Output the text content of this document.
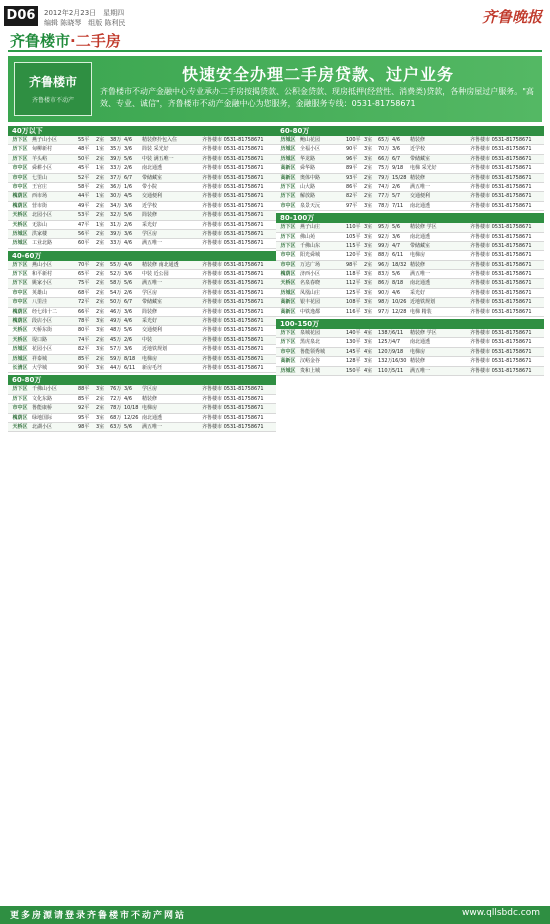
D06	2012年2月23日　星期四
编辑 陈晓琴　组版 陈利民	齐鲁晚报
齐鲁楼市·二手房
齐鲁楼市
齐鲁楼市不动产
快速安全办理二手房贷款、过户业务
齐鲁楼市不动产金融中心专业承办二手房按揭贷款、公积金贷款、现房抵押(经营性、消费类)贷款，各种房屋过户服务。"高效、专业、诚信"，齐鲁楼市不动产金融中心为您服务，金融服务专线：0531-81758671
40万以下
历下区 燕子山小区	55平	2室	38万 4/6	精装修拎包入住	齐鲁楼市 0531-81758671
历下区 甸柳新村	48平	1室	35万 3/6	简装 采光好	齐鲁楼市 0531-81758671
历下区 羊头峪	50平	2室	39万 5/6	中装 满五唯一	齐鲁楼市 0531-81758671
市中区 舜耕小区	45平	1室	33万 2/6	南北通透	齐鲁楼市 0531-81758671
市中区 七里山	52平	2室	37万 6/7	带储藏室	齐鲁楼市 0531-81758671
市中区 王官庄	58平	2室	36万 1/6	带小院	齐鲁楼市 0531-81758671
槐荫区 西市场	44平	1室	30万 4/5	交通便利	齐鲁楼市 0531-81758671
槐荫区 营市街	49平	2室	34万 3/6	近学校	齐鲁楼市 0531-81758671
天桥区 北园小区	53平	2室	32万 5/6	简装修	齐鲁楼市 0531-81758671
天桥区 无影山	47平	1室	31万 2/6	采光好	齐鲁楼市 0531-81758671
历城区 洪家楼	56平	2室	39万 3/6	学区房	齐鲁楼市 0531-81758671
历城区 工业北路	60平	2室	33万 4/6	满五唯一	齐鲁楼市 0531-81758671
40-60万
历下区 燕山小区	70平	2室	55万 4/6	精装修 南北通透	齐鲁楼市 0531-81758671
历下区 和平新村	65平	2室	52万 3/6	中装 近公园	齐鲁楼市 0531-81758671
历下区 姚家小区	75平	2室	58万 5/6	满五唯一	齐鲁楼市 0531-81758671
市中区 英雄山	68平	2室	54万 2/6	学区房	齐鲁楼市 0531-81758671
市中区 八里洼	72平	2室	50万 6/7	带储藏室	齐鲁楼市 0531-81758671
槐荫区 经七纬十二	66平	2室	46万 3/6	简装修	齐鲁楼市 0531-81758671
槐荫区 段店小区	78平	3室	49万 4/6	采光好	齐鲁楼市 0531-81758671
天桥区 天桥东街	80平	3室	48万 5/6	交通便利	齐鲁楼市 0531-81758671
天桥区 堤口路	74平	2室	45万 2/6	中装	齐鲁楼市 0531-81758671
历城区 花园小区	82平	3室	57万 3/6	近地铁规划	齐鲁楼市 0531-81758671
历城区 祥泰城	85平	2室	59万 8/18	电梯房	齐鲁楼市 0531-81758671
长清区 大学城	90平	3室	44万 6/11	新房毛坯	齐鲁楼市 0531-81758671
60-80万
历下区 千佛山小区	88平	3室	76万 3/6	学区房	齐鲁楼市 0531-81758671
历下区 文化东路	85平	2室	72万 4/6	精装修	齐鲁楼市 0531-81758671
市中区 鲁能康桥	92平	2室	78万 10/18 电梯房	齐鲁楼市 0531-81758671
槐荫区 绿地国际	95平	3室	68万 12/26 南北通透	齐鲁楼市 0531-81758671
天桥区 北湖小区	98平	3室	63万 5/6	满五唯一	齐鲁楼市 0531-81758671
60-80万
历城区 鲍山花园	100平 3室	65万 4/6	精装修	齐鲁楼市 0531-81758671
历城区 全福小区	90平	3室	70万 3/6	近学校	齐鲁楼市 0531-81758671
历城区 华龙路	96平	3室	66万 6/7	带储藏室	齐鲁楼市 0531-81758671
高新区 舜华路	89平	2室	75万 9/18	电梯 采光好	齐鲁楼市 0531-81758671
高新区 奥体中路	93平	2室	79万 15/28 精装修	齐鲁楼市 0531-81758671
历下区 山大路	86平	2室	74万 2/6	满五唯一	齐鲁楼市 0531-81758671
历下区 解放路	82平	2室	77万 5/7	交通便利	齐鲁楼市 0531-81758671
市中区 泉景天沅	97平	3室	78万 7/11	南北通透	齐鲁楼市 0531-81758671
80-100万
历下区 燕子山庄	110平 3室	95万 5/6	精装修 学区	齐鲁楼市 0531-81758671
历下区 佛山苑	105平 3室	92万 3/6	南北通透	齐鲁楼市 0531-81758671
历下区 千佛山东	115平 3室	99万 4/7	带储藏室	齐鲁楼市 0531-81758671
市中区 阳光舜城	120平 3室	88万 6/11	电梯房	齐鲁楼市 0531-81758671
市中区 万达广场	98平	2室	96万 18/32 精装修	齐鲁楼市 0531-81758671
槐荫区 济西小区	118平 3室	83万 5/6	满五唯一	齐鲁楼市 0531-81758671
天桥区 名泉春晓	112平 3室	86万 8/18	南北通透	齐鲁楼市 0531-81758671
历城区 凤凰山庄	125平 3室	90万 4/6	采光好	齐鲁楼市 0531-81758671
高新区 银丰花园	108平 3室	98万 10/26 近地铁规划	齐鲁楼市 0531-81758671
高新区 中铁逸都	116平 3室	97万 12/28 电梯 精装	齐鲁楼市 0531-81758671
100-150万
历下区 泉城花园	140平 4室	138万 6/11	精装修 学区	齐鲁楼市 0531-81758671
历下区 黑虎泉北	130平 3室	125万 4/7	南北通透	齐鲁楼市 0531-81758671
市中区 鲁能领秀城	145平 4室	120万 9/18	电梯房	齐鲁楼市 0531-81758671
高新区 汉峪金谷	128平 3室	132万 16/30 精装修	齐鲁楼市 0531-81758671
历城区 贵和上城	150平 4室	110万 5/11	满五唯一	齐鲁楼市 0531-81758671
更多房源请登录齐鲁楼市不动产网站	www.qllsbdc.com
